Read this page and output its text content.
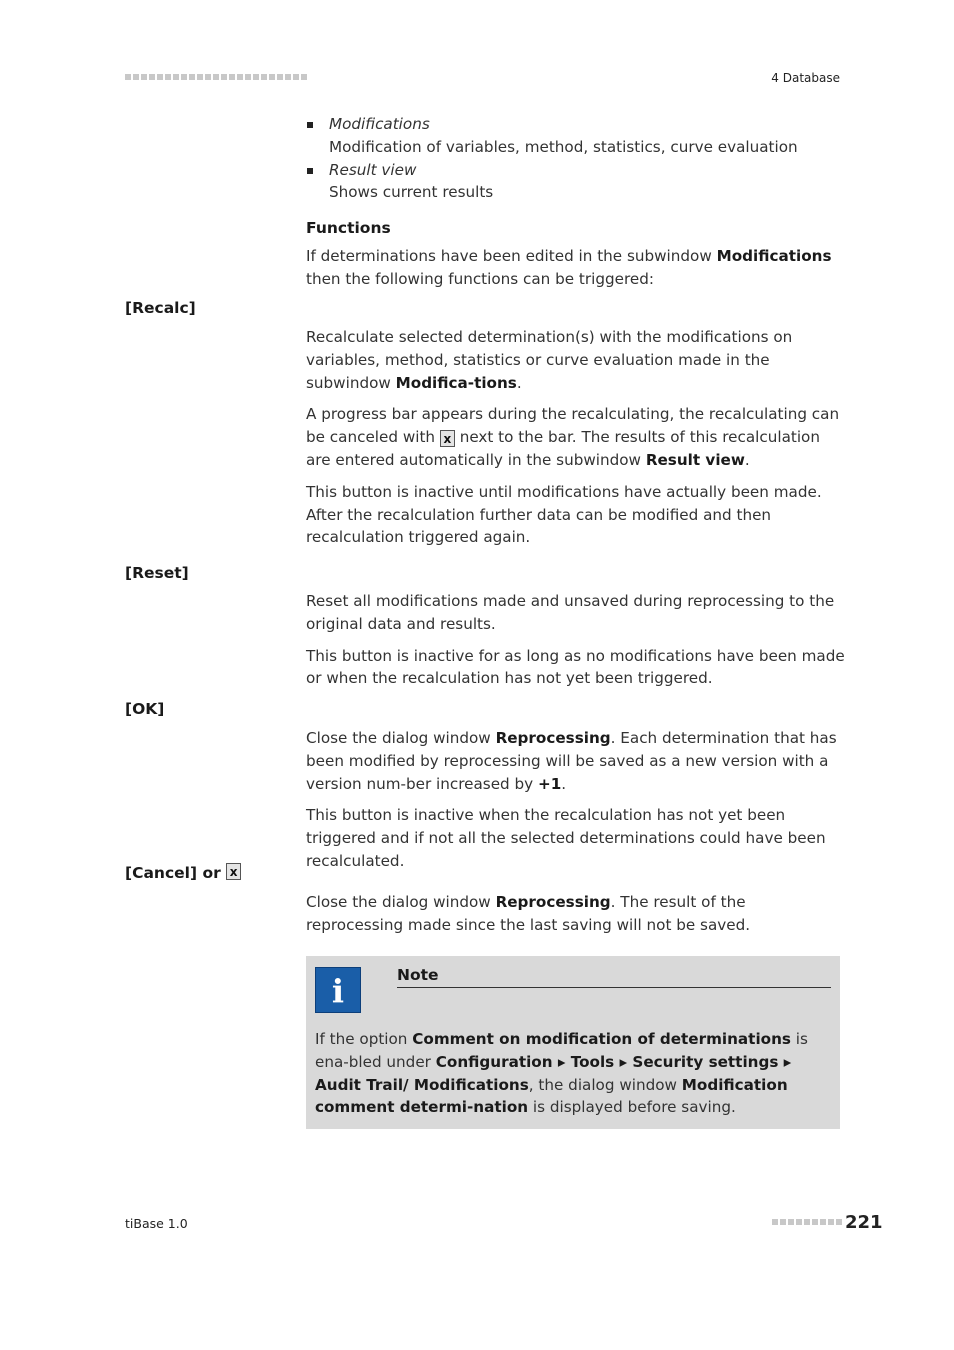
4 Database
Modifications
Modification of variables, method, statistics, curve evaluation
Result view
Shows current results
Functions

If determinations have been edited in the subwindow Modifications then the following functions can be triggered:

[Recalc]

Recalculate selected determination(s) with the modifications on variables, method, statistics or curve evaluation made in the subwindow Modifica-tions.

A progress bar appears during the recalculating, the recalculating can be canceled with x next to the bar. The results of this recalculation are entered automatically in the subwindow Result view.

This button is inactive until modifications have actually been made. After the recalculation further data can be modified and then recalculation triggered again.

[Reset]

Reset all modifications made and unsaved during reprocessing to the original data and results.

This button is inactive for as long as no modifications have been made or when the recalculation has not yet been triggered.

[OK]

Close the dialog window Reprocessing. Each determination that has been modified by reprocessing will be saved as a new version with a version num-ber increased by +1.

This button is inactive when the recalculation has not yet been triggered and if not all the selected determinations could have been recalculated.

[Cancel] or x

Close the dialog window Reprocessing. The result of the reprocessing made since the last saving will not be saved.

i	Note
If the option Comment on modification of determinations is ena-bled under Configuration ▸ Tools ▸ Security settings ▸ Audit Trail/ Modifications, the dialog window Modification comment determi-nation is displayed before saving.
tiBase 1.0	221
